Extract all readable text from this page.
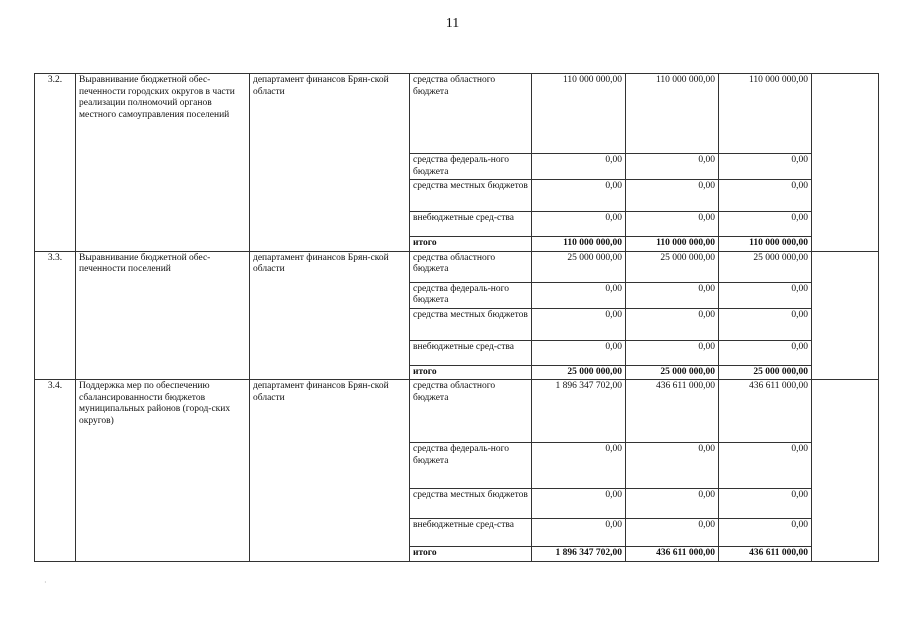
11
3.2.	Выравнивание бюджетной обес-печенности городских округов в части реализации полномочий органов местного самоуправления поселений	департамент финансов Брян-ской области	средства областного бюджета	110 000 000,00	110 000 000,00	110 000 000,00	
			средства федераль-ного бюджета	0,00	0,00	0,00	
			средства местных бюджетов	0,00	0,00	0,00	
			внебюджетные сред-ства	0,00	0,00	0,00	
			итого	110 000 000,00	110 000 000,00	110 000 000,00	
3.3.	Выравнивание бюджетной обес-печенности поселений	департамент финансов Брян-ской области	средства областного бюджета	25 000 000,00	25 000 000,00	25 000 000,00	
			средства федераль-ного бюджета	0,00	0,00	0,00	
			средства местных бюджетов	0,00	0,00	0,00	
			внебюджетные сред-ства	0,00	0,00	0,00	
			итого	25 000 000,00	25 000 000,00	25 000 000,00	
3.4.	Поддержка мер по обеспечению сбалансированности бюджетов муниципальных районов (город-ских округов)	департамент финансов Брян-ской области	средства областного бюджета	1 896 347 702,00	436 611 000,00	436 611 000,00	
			средства федераль-ного бюджета	0,00	0,00	0,00	
			средства местных бюджетов	0,00	0,00	0,00	
			внебюджетные сред-ства	0,00	0,00	0,00	
			итого	1 896 347 702,00	436 611 000,00	436 611 000,00	
·
